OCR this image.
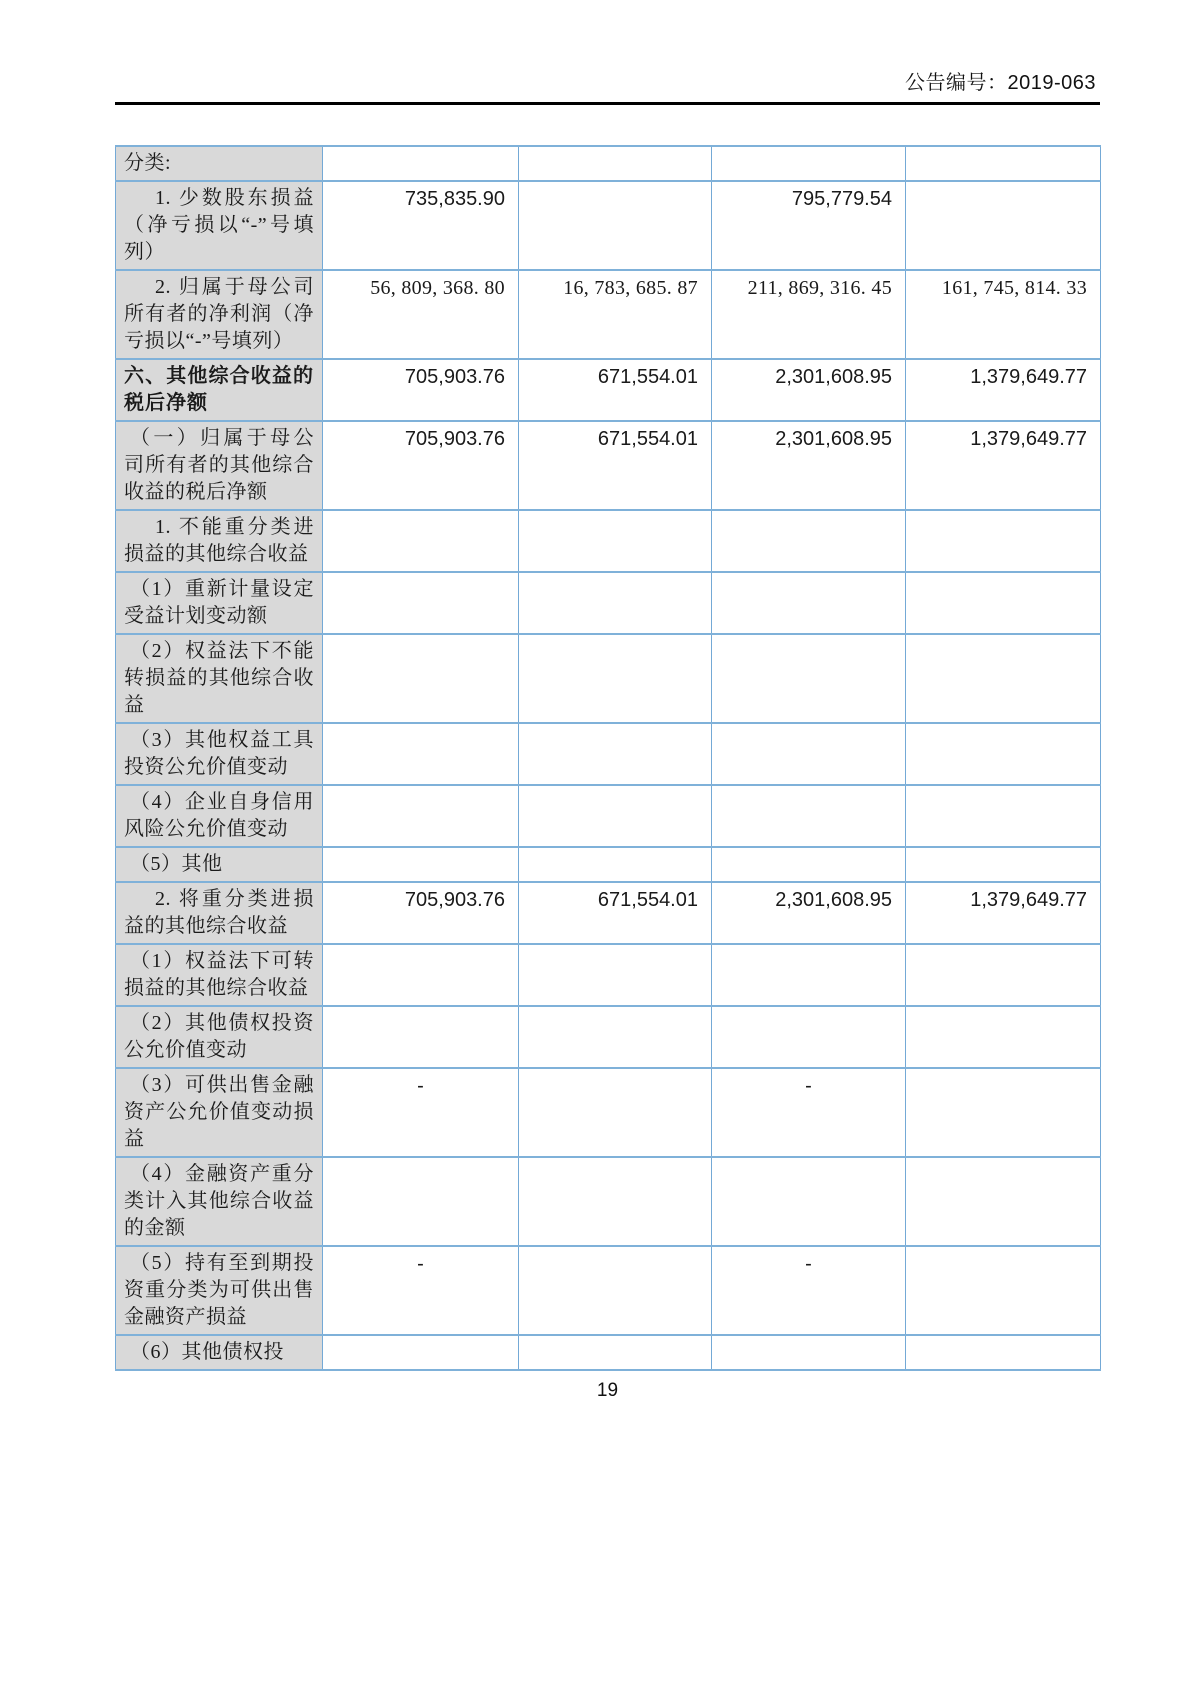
公告编号：2019-063
分类:				
1. 少数股东损益（净亏损以“-”号填列）	735,835.90		795,779.54	
2. 归属于母公司所有者的净利润（净亏损以“-”号填列）	56, 809, 368. 80	16, 783, 685. 87	211, 869, 316. 45	161, 745, 814. 33
六、其他综合收益的税后净额	705,903.76	671,554.01	2,301,608.95	1,379,649.77
（一）归属于母公司所有者的其他综合收益的税后净额	705,903.76	671,554.01	2,301,608.95	1,379,649.77
1. 不能重分类进损益的其他综合收益				
（1）重新计量设定受益计划变动额				
（2）权益法下不能转损益的其他综合收益				
（3）其他权益工具投资公允价值变动				
（4）企业自身信用风险公允价值变动				
（5）其他				
2. 将重分类进损益的其他综合收益	705,903.76	671,554.01	2,301,608.95	1,379,649.77
（1）权益法下可转损益的其他综合收益				
（2）其他债权投资公允价值变动				
（3）可供出售金融资产公允价值变动损益	-		-	
（4）金融资产重分类计入其他综合收益的金额				
（5）持有至到期投资重分类为可供出售金融资产损益	-		-	
（6）其他债权投				
19
